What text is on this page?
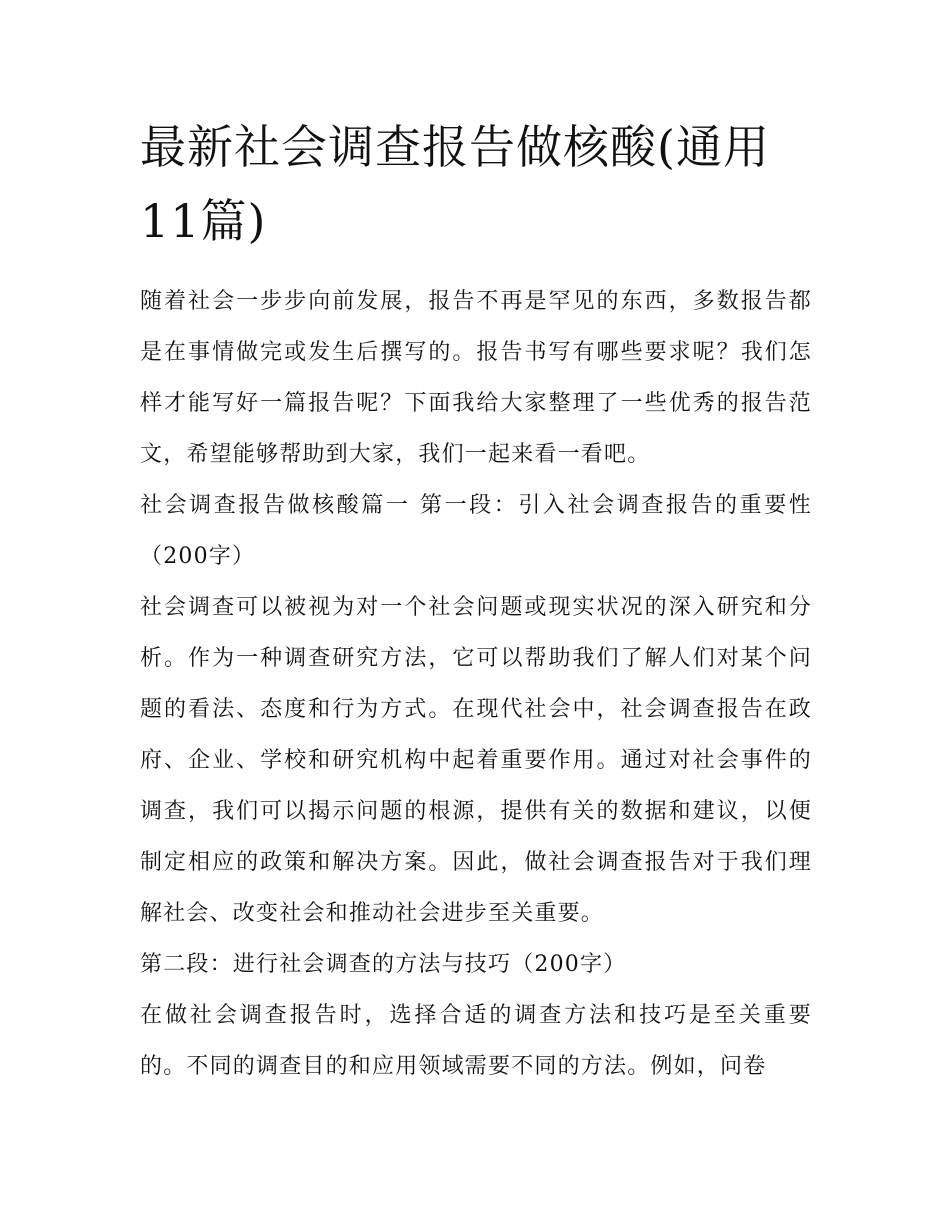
最新社会调查报告做核酸(通用11篇)

随着社会一步步向前发展，报告不再是罕见的东西，多数报告都是在事情做完或发生后撰写的。报告书写有哪些要求呢？我们怎样才能写好一篇报告呢？下面我给大家整理了一些优秀的报告范文，希望能够帮助到大家，我们一起来看一看吧。

社会调查报告做核酸篇一 第一段：引入社会调查报告的重要性（200字）

社会调查可以被视为对一个社会问题或现实状况的深入研究和分析。作为一种调查研究方法，它可以帮助我们了解人们对某个问题的看法、态度和行为方式。在现代社会中，社会调查报告在政府、企业、学校和研究机构中起着重要作用。通过对社会事件的调查，我们可以揭示问题的根源，提供有关的数据和建议，以便制定相应的政策和解决方案。因此，做社会调查报告对于我们理解社会、改变社会和推动社会进步至关重要。

第二段：进行社会调查的方法与技巧（200字）

在做社会调查报告时，选择合适的调查方法和技巧是至关重要的。不同的调查目的和应用领域需要不同的方法。例如，问卷
